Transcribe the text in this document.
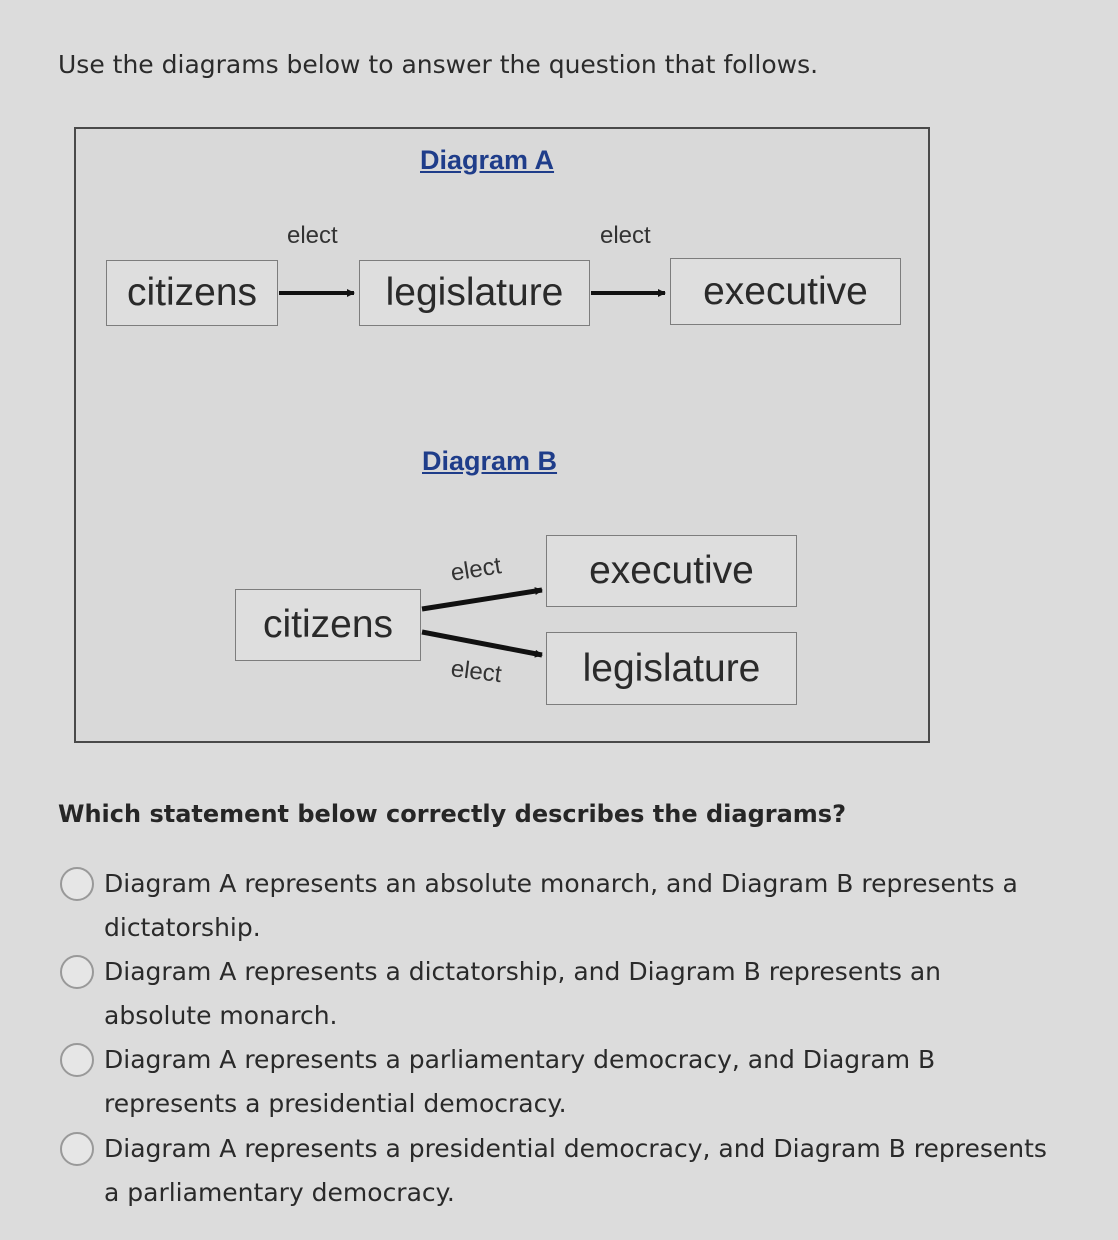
Use the diagrams below to answer the question that follows.
Diagram A
elect	elect
citizens	legislature	executive
Diagram B
elect
elect
citizens
executive
legislature
Which statement below correctly describes the diagrams?
Diagram A represents an absolute monarch, and Diagram B represents a dictatorship.
Diagram A represents a dictatorship, and Diagram B represents an absolute monarch.
Diagram A represents a parliamentary democracy, and Diagram B represents a presidential democracy.
Diagram A represents a presidential democracy, and Diagram B represents a parliamentary democracy.
